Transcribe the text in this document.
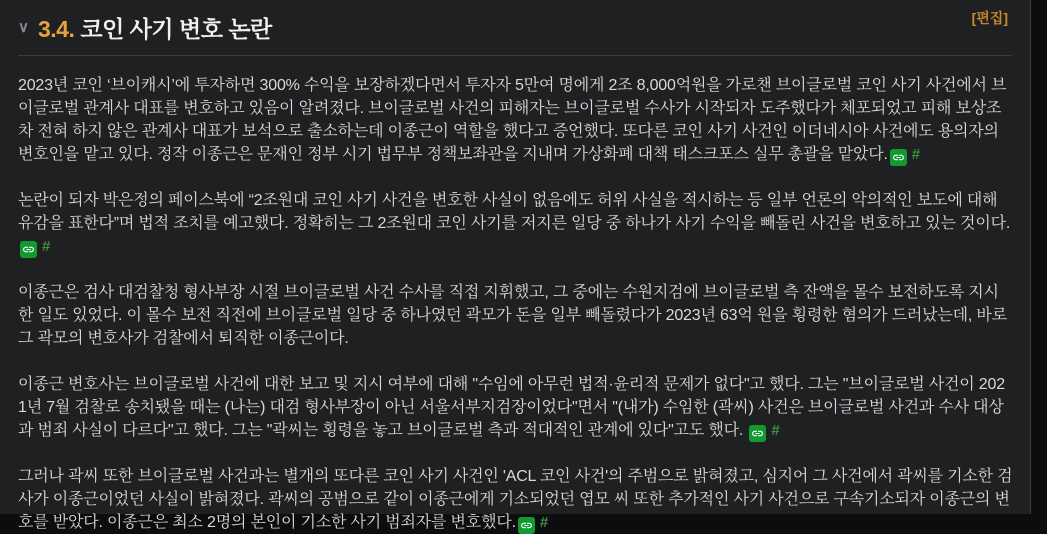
∨ 3.4. 코인 사기 변호 논란	[편집]

2023년 코인 ‘브이캐시’에 투자하면 300% 수익을 보장하겠다면서 투자자 5만여 명에게 2조 8,000억원을 가로챈 브이글로벌 코인 사기 사건에서 브이글로벌 관계사 대표를 변호하고 있음이 알려졌다. 브이글로벌 사건의 피해자는 브이글로벌 수사가 시작되자 도주했다가 체포되었고 피해 보상조차 전혀 하지 않은 관계사 대표가 보석으로 출소하는데 이종근이 역할을 했다고 증언했다. 또다른 코인 사기 사건인 이더네시아 사건에도 용의자의 변호인을 맡고 있다. 정작 이종근은 문재인 정부 시기 법무부 정책보좌관을 지내며 가상화폐 대책 태스크포스 실무 총괄을 맡았다. #

논란이 되자 박은정의 페이스북에 “2조원대 코인 사기 사건을 변호한 사실이 없음에도 허위 사실을 적시하는 등 일부 언론의 악의적인 보도에 대해 유감을 표한다”며 법적 조치를 예고했다. 정확히는 그 2조원대 코인 사기를 저지른 일당 중 하나가 사기 수익을 빼돌린 사건을 변호하고 있는 것이다.#

이종근은 검사 대검찰청 형사부장 시절 브이글로벌 사건 수사를 직접 지휘했고, 그 중에는 수원지검에 브이글로벌 측 잔액을 몰수 보전하도록 지시한 일도 있었다. 이 몰수 보전 직전에 브이글로벌 일당 중 하나였던 곽모가 돈을 일부 빼돌렸다가 2023년 63억 원을 횡령한 혐의가 드러났는데, 바로 그 곽모의 변호사가 검찰에서 퇴직한 이종근이다.

이종근 변호사는 브이글로벌 사건에 대한 보고 및 지시 여부에 대해 "수임에 아무런 법적·윤리적 문제가 없다"고 했다. 그는 "브이글로벌 사건이 2021년 7월 검찰로 송치됐을 때는 (나는) 대검 형사부장이 아닌 서울서부지검장이었다"면서 "(내가) 수임한 (곽씨) 사건은 브이글로벌 사건과 수사 대상과 범죄 사실이 다르다"고 했다. 그는 "곽씨는 횡령을 놓고 브이글로벌 측과 적대적인 관계에 있다"고도 했다. #

그러나 곽씨 또한 브이글로벌 사건과는 별개의 또다른 코인 사기 사건인 'ACL 코인 사건'의 주범으로 밝혀졌고, 심지어 그 사건에서 곽씨를 기소한 검사가 이종근이었던 사실이 밝혀졌다. 곽씨의 공범으로 같이 이종근에게 기소되었던 엽모 씨 또한 추가적인 사기 사건으로 구속기소되자 이종근의 변호를 받았다. 이종근은 최소 2명의 본인이 기소한 사기 범죄자를 변호했다. #
